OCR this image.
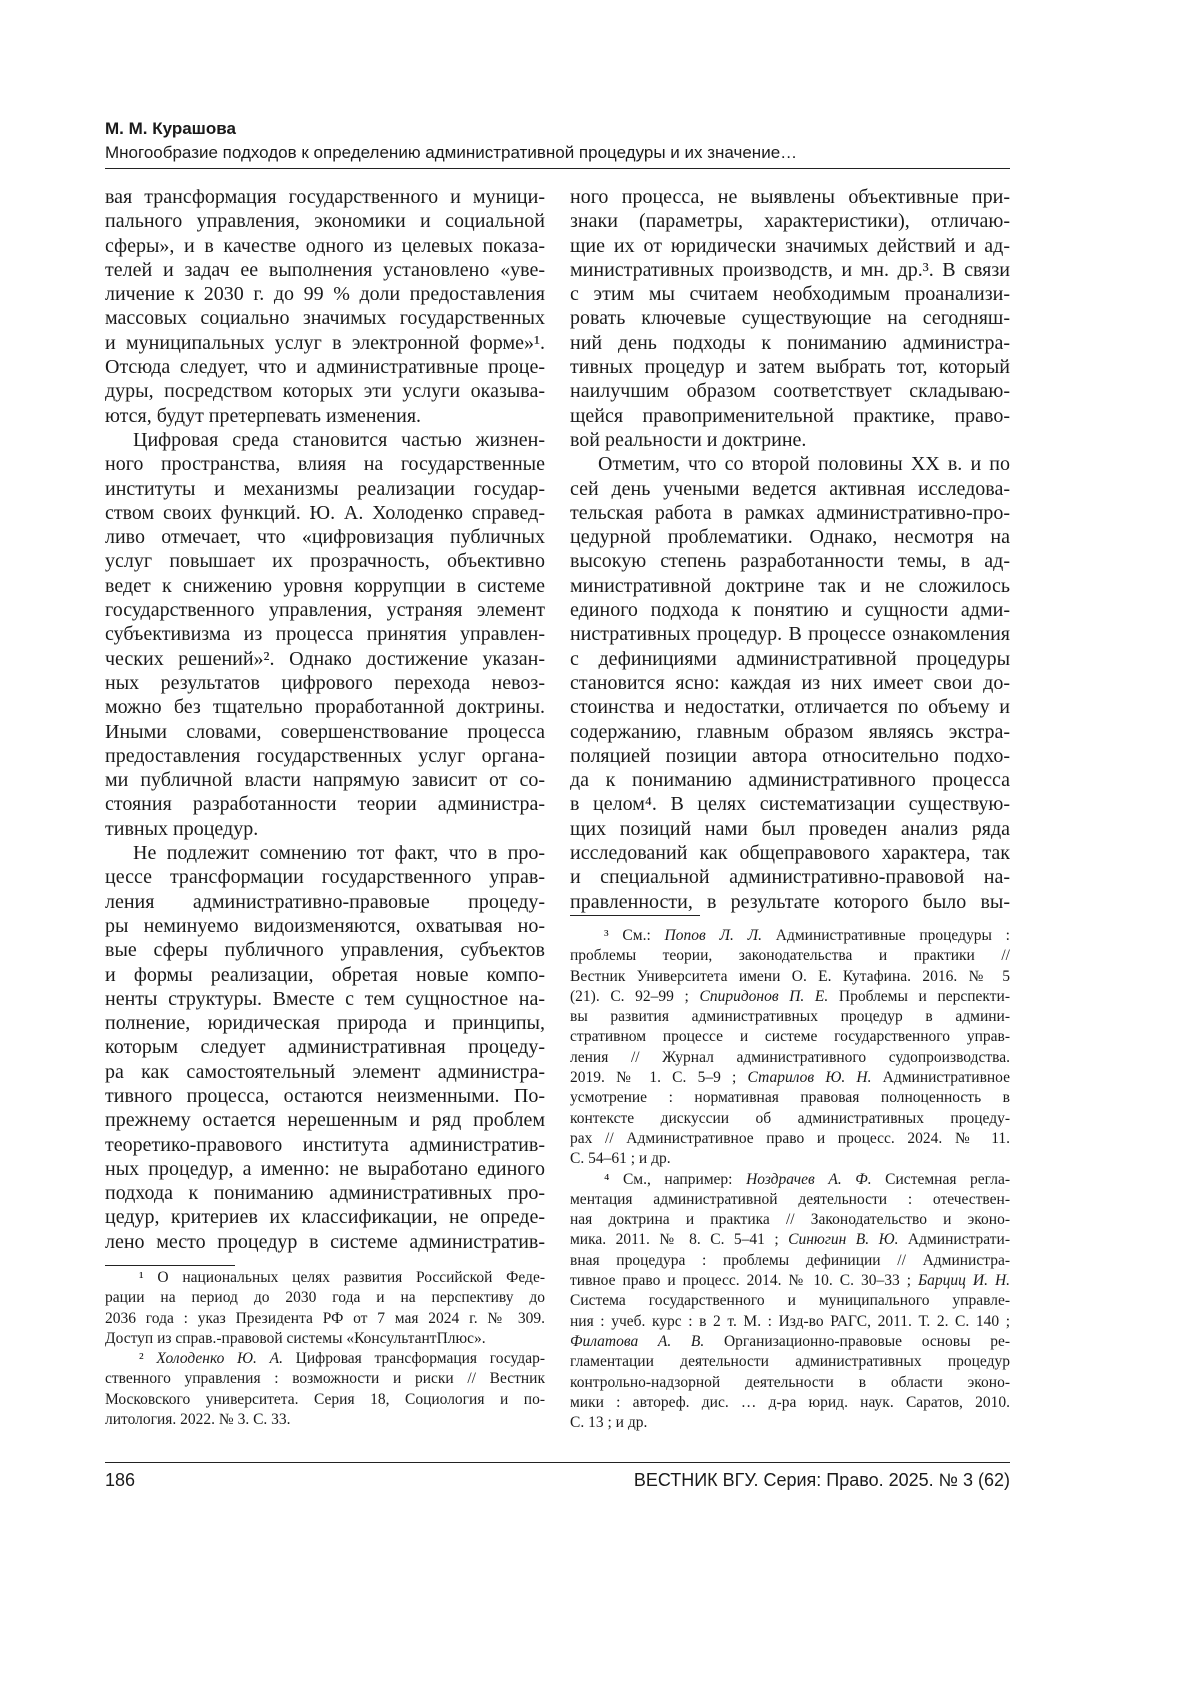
М. М. Курашова
Многообразие подходов к определению административной процедуры и их значение…
вая трансформация государственного и муници-
пального управления, экономики и социальной
сферы», и в качестве одного из целевых показа-
телей и задач ее выполнения установлено «уве-
личение к 2030 г. до 99 % доли предоставления
массовых социально значимых государственных
и муниципальных услуг в электронной форме»¹.
Отсюда следует, что и административные проце-
дуры, посредством которых эти услуги оказыва-
ются, будут претерпевать изменения.
Цифровая среда становится частью жизнен-
ного пространства, влияя на государственные
институты и механизмы реализации государ-
ством своих функций. Ю. А. Холоденко справед-
ливо отмечает, что «цифровизация публичных
услуг повышает их прозрачность, объективно
ведет к снижению уровня коррупции в системе
государственного управления, устраняя элемент
субъективизма из процесса принятия управлен-
ческих решений»². Однако достижение указан-
ных результатов цифрового перехода невоз-
можно без тщательно проработанной доктрины.
Иными словами, совершенствование процесса
предоставления государственных услуг органа-
ми публичной власти напрямую зависит от со-
стояния разработанности теории администра-
тивных процедур.
Не подлежит сомнению тот факт, что в про-
цессе трансформации государственного управ-
ления административно-правовые процеду-
ры неминуемо видоизменяются, охватывая но-
вые сферы публичного управления, субъектов
и формы реализации, обретая новые компо-
ненты структуры. Вместе с тем сущностное на-
полнение, юридическая природа и принципы,
которым следует административная процеду-
ра как самостоятельный элемент администра-
тивного процесса, остаются неизменными. По-
прежнему остается нерешенным и ряд проблем
теоретико-правового института административ-
ных процедур, а именно: не выработано единого
подхода к пониманию административных про-
цедур, критериев их классификации, не опреде-
лено место процедур в системе административ-
¹ О национальных целях развития Российской Феде-
рации на период до 2030 года и на перспективу до
2036 года : указ Президента РФ от 7 мая 2024 г. № 309.
Доступ из справ.-правовой системы «КонсультантПлюс».
² Холоденко Ю. А. Цифровая трансформация государ-
ственного управления : возможности и риски // Вестник
Московского университета. Серия 18, Социология и по-
литология. 2022. № 3. С. 33.
ного процесса, не выявлены объективные при-
знаки (параметры, характеристики), отличаю-
щие их от юридически значимых действий и ад-
министративных производств, и мн. др.³. В связи
с этим мы считаем необходимым проанализи-
ровать ключевые существующие на сегодняш-
ний день подходы к пониманию администра-
тивных процедур и затем выбрать тот, который
наилучшим образом соответствует складываю-
щейся правоприменительной практике, право-
вой реальности и доктрине.
Отметим, что со второй половины XX в. и по
сей день учеными ведется активная исследова-
тельская работа в рамках административно-про-
цедурной проблематики. Однако, несмотря на
высокую степень разработанности темы, в ад-
министративной доктрине так и не сложилось
единого подхода к понятию и сущности адми-
нистративных процедур. В процессе ознакомления
с дефинициями административной процедуры
становится ясно: каждая из них имеет свои до-
стоинства и недостатки, отличается по объему и
содержанию, главным образом являясь экстра-
поляцией позиции автора относительно подхо-
да к пониманию административного процесса
в целом⁴. В целях систематизации существую-
щих позиций нами был проведен анализ ряда
исследований как общеправового характера, так
и специальной административно-правовой на-
правленности, в результате которого было вы-
³ См.: Попов Л. Л. Административные процедуры :
проблемы теории, законодательства и практики //
Вестник Университета имени О. Е. Кутафина. 2016. № 5
(21). С. 92–99 ; Спиридонов П. Е. Проблемы и перспекти-
вы развития административных процедур в админи-
стративном процессе и системе государственного управ-
ления // Журнал административного судопроизводства.
2019. № 1. С. 5–9 ; Старилов Ю. Н. Административное
усмотрение : нормативная правовая полноценность в
контексте дискуссии об административных процеду-
рах // Административное право и процесс. 2024. № 11.
С. 54–61 ; и др.
⁴ См., например: Ноздрачев А. Ф. Системная регла-
ментация административной деятельности : отечествен-
ная доктрина и практика // Законодательство и эконо-
мика. 2011. № 8. С. 5–41 ; Синюгин В. Ю. Администрати-
вная процедура : проблемы дефиниции // Администра-
тивное право и процесс. 2014. № 10. С. 30–33 ; Барциц И. Н.
Система государственного и муниципального управле-
ния : учеб. курс : в 2 т. М. : Изд-во РАГС, 2011. Т. 2. С. 140 ;
Филатова А. В. Организационно-правовые основы ре-
гламентации деятельности административных процедур
контрольно-надзорной деятельности в области эконо-
мики : автореф. дис. … д-ра юрид. наук. Саратов, 2010.
С. 13 ; и др.
186	ВЕСТНИК ВГУ. Серия: Право. 2025. № 3 (62)
